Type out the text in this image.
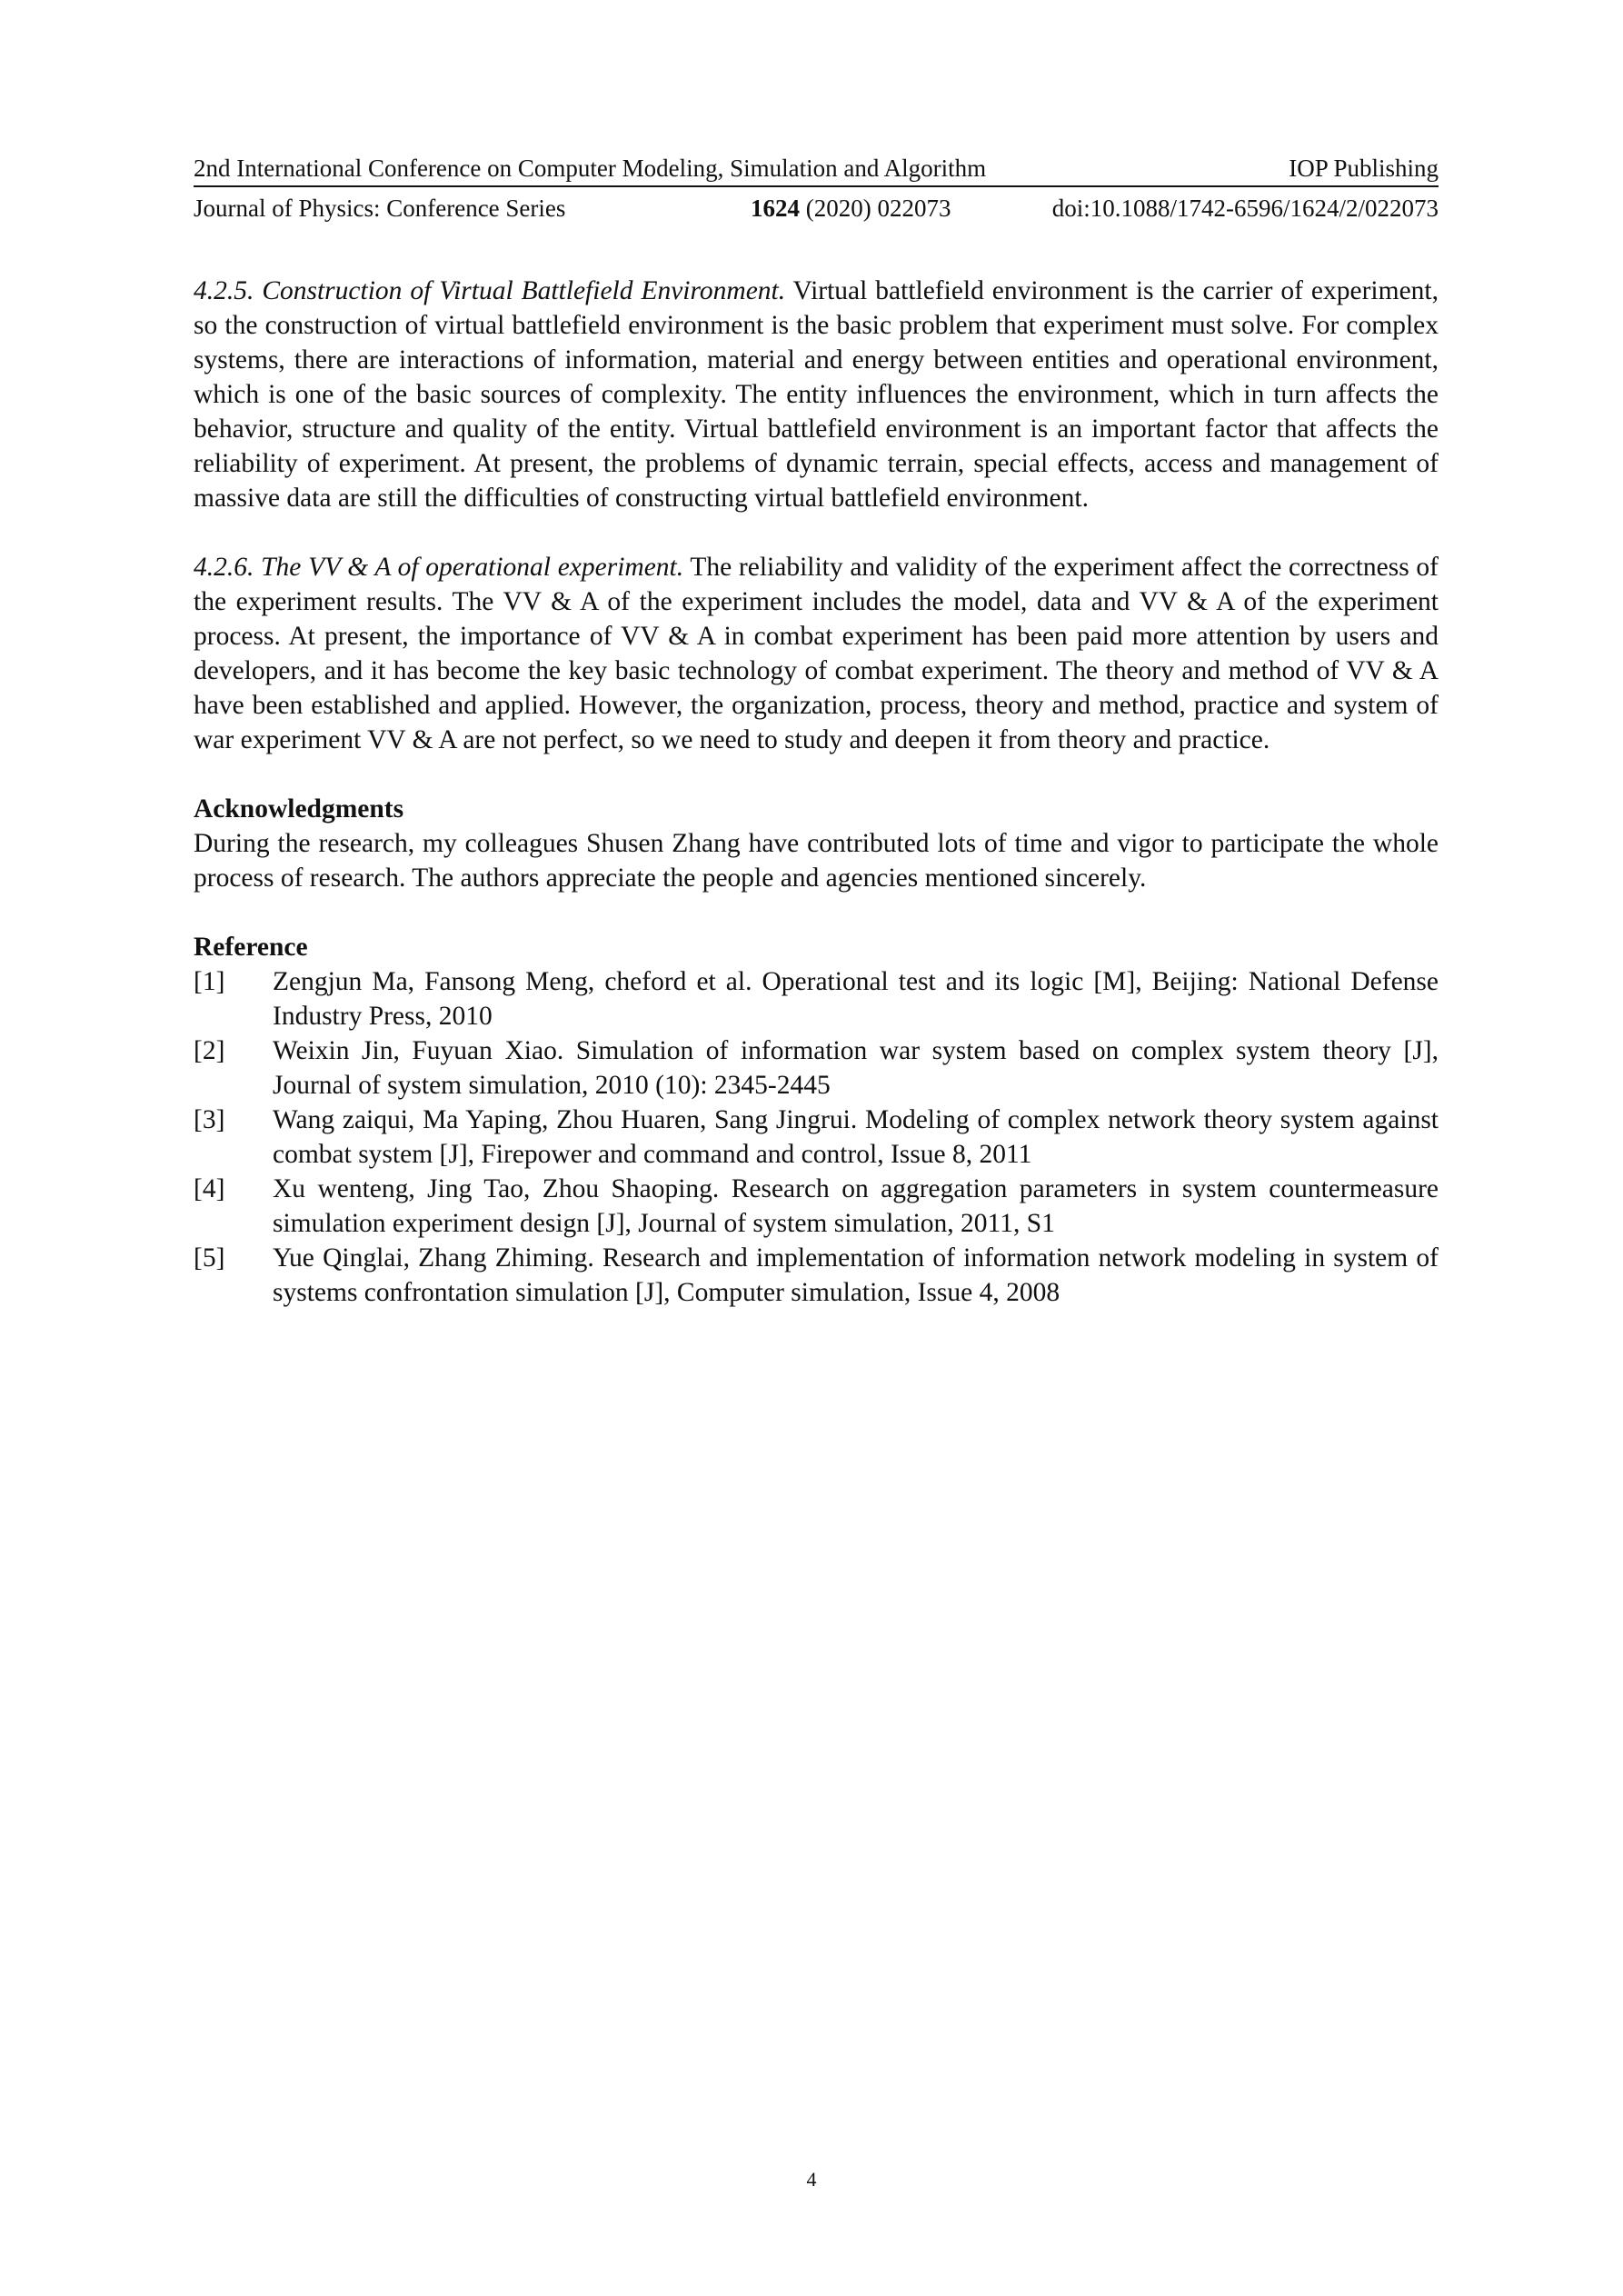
2nd International Conference on Computer Modeling, Simulation and Algorithm	IOP Publishing
Journal of Physics: Conference Series	1624 (2020) 022073	doi:10.1088/1742-6596/1624/2/022073

4.2.5. Construction of Virtual Battlefield Environment. Virtual battlefield environment is the carrier of experiment, so the construction of virtual battlefield environment is the basic problem that experiment must solve. For complex systems, there are interactions of information, material and energy between entities and operational environment, which is one of the basic sources of complexity. The entity influences the environment, which in turn affects the behavior, structure and quality of the entity. Virtual battlefield environment is an important factor that affects the reliability of experiment. At present, the problems of dynamic terrain, special effects, access and management of massive data are still the difficulties of constructing virtual battlefield environment.

4.2.6. The VV & A of operational experiment. The reliability and validity of the experiment affect the correctness of the experiment results. The VV & A of the experiment includes the model, data and VV & A of the experiment process. At present, the importance of VV & A in combat experiment has been paid more attention by users and developers, and it has become the key basic technology of combat experiment. The theory and method of VV & A have been established and applied. However, the organization, process, theory and method, practice and system of war experiment VV & A are not perfect, so we need to study and deepen it from theory and practice.

Acknowledgments

During the research, my colleagues Shusen Zhang have contributed lots of time and vigor to participate the whole process of research. The authors appreciate the people and agencies mentioned sincerely.

Reference
[1]	Zengjun Ma, Fansong Meng, cheford et al. Operational test and its logic [M], Beijing: National Defense Industry Press, 2010
[2]	Weixin Jin, Fuyuan Xiao. Simulation of information war system based on complex system theory [J], Journal of system simulation, 2010 (10): 2345-2445
[3]	Wang zaiqui, Ma Yaping, Zhou Huaren, Sang Jingrui. Modeling of complex network theory system against combat system [J], Firepower and command and control, Issue 8, 2011
[4]	Xu wenteng, Jing Tao, Zhou Shaoping. Research on aggregation parameters in system countermeasure simulation experiment design [J], Journal of system simulation, 2011, S1
[5]	Yue Qinglai, Zhang Zhiming. Research and implementation of information network modeling in system of systems confrontation simulation [J], Computer simulation, Issue 4, 2008
4
